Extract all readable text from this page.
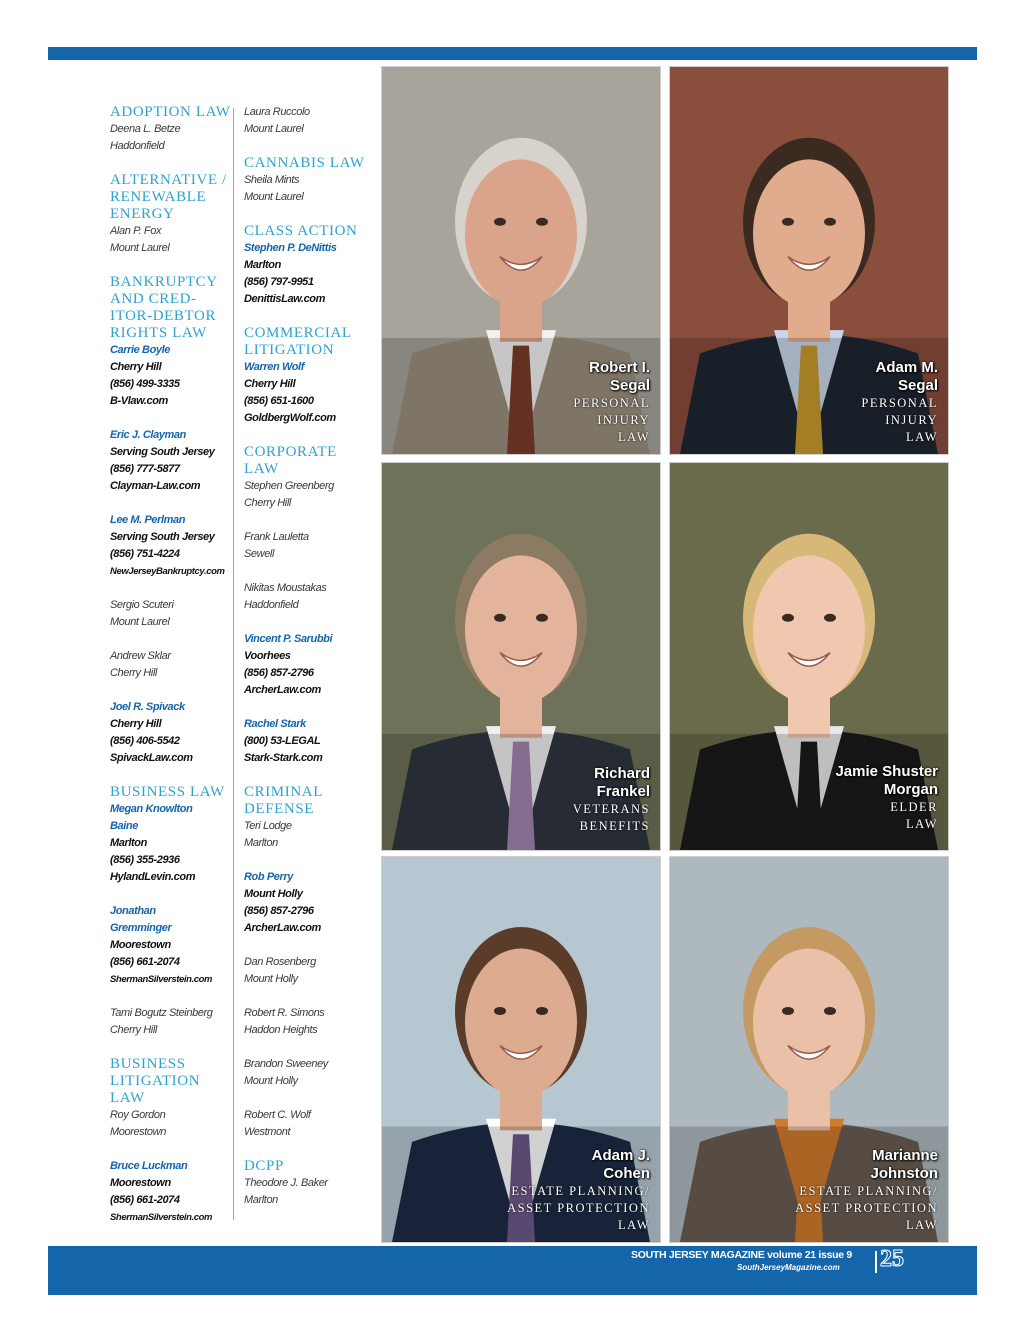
ADOPTION LAW
Deena L. Betze
Haddonfield
ALTERNATIVE / RENEWABLE ENERGY
Alan P. Fox
Mount Laurel
BANKRUPTCY AND CRED-ITOR-DEBTOR RIGHTS LAW
Carrie Boyle
Cherry Hill
(856) 499-3335
B-Vlaw.com
Eric J. Clayman
Serving South Jersey
(856) 777-5877
Clayman-Law.com
Lee M. Perlman
Serving South Jersey
(856) 751-4224
NewJerseyBankruptcy.com
Sergio Scuteri
Mount Laurel
Andrew Sklar
Cherry Hill
Joel R. Spivack
Cherry Hill
(856) 406-5542
SpivackLaw.com
BUSINESS LAW
Megan Knowlton
Baine
Marlton
(856) 355-2936
HylandLevin.com
Jonathan
Gremminger
Moorestown
(856) 661-2074
ShermanSilverstein.com
Tami Bogutz Steinberg
Cherry Hill
BUSINESS LITIGATION LAW
Roy Gordon
Moorestown
Bruce Luckman
Moorestown
(856) 661-2074
ShermanSilverstein.com
Laura Ruccolo
Mount Laurel
CANNABIS LAW
Sheila Mints
Mount Laurel
CLASS ACTION
Stephen P. DeNittis
Marlton
(856) 797-9951
DenittisLaw.com
COMMERCIAL LITIGATION
Warren Wolf
Cherry Hill
(856) 651-1600
GoldbergWolf.com
CORPORATE LAW
Stephen Greenberg
Cherry Hill
Frank Lauletta
Sewell
Nikitas Moustakas
Haddonfield
Vincent P. Sarubbi
Voorhees
(856) 857-2796
ArcherLaw.com
Rachel Stark
(800) 53-LEGAL
Stark-Stark.com
CRIMINAL DEFENSE
Teri Lodge
Marlton
Rob Perry
Mount Holly
(856) 857-2796
ArcherLaw.com
Dan Rosenberg
Mount Holly
Robert R. Simons
Haddon Heights
Brandon Sweeney
Mount Holly
Robert C. Wolf
Westmont
DCPP
Theodore J. Baker
Marlton
Robert I.
Segal
PERSONAL
INJURY
LAW
Adam M.
Segal
PERSONAL
INJURY
LAW
Richard
Frankel
VETERANS
BENEFITS
Jamie Shuster
Morgan
ELDER
LAW
Adam J.
Cohen
ESTATE PLANNING/
ASSET PROTECTION
LAW
Marianne
Johnston
ESTATE PLANNING/
ASSET PROTECTION
LAW
SOUTH JERSEY MAGAZINE volume 21 issue 9
SouthJerseyMagazine.com 25
